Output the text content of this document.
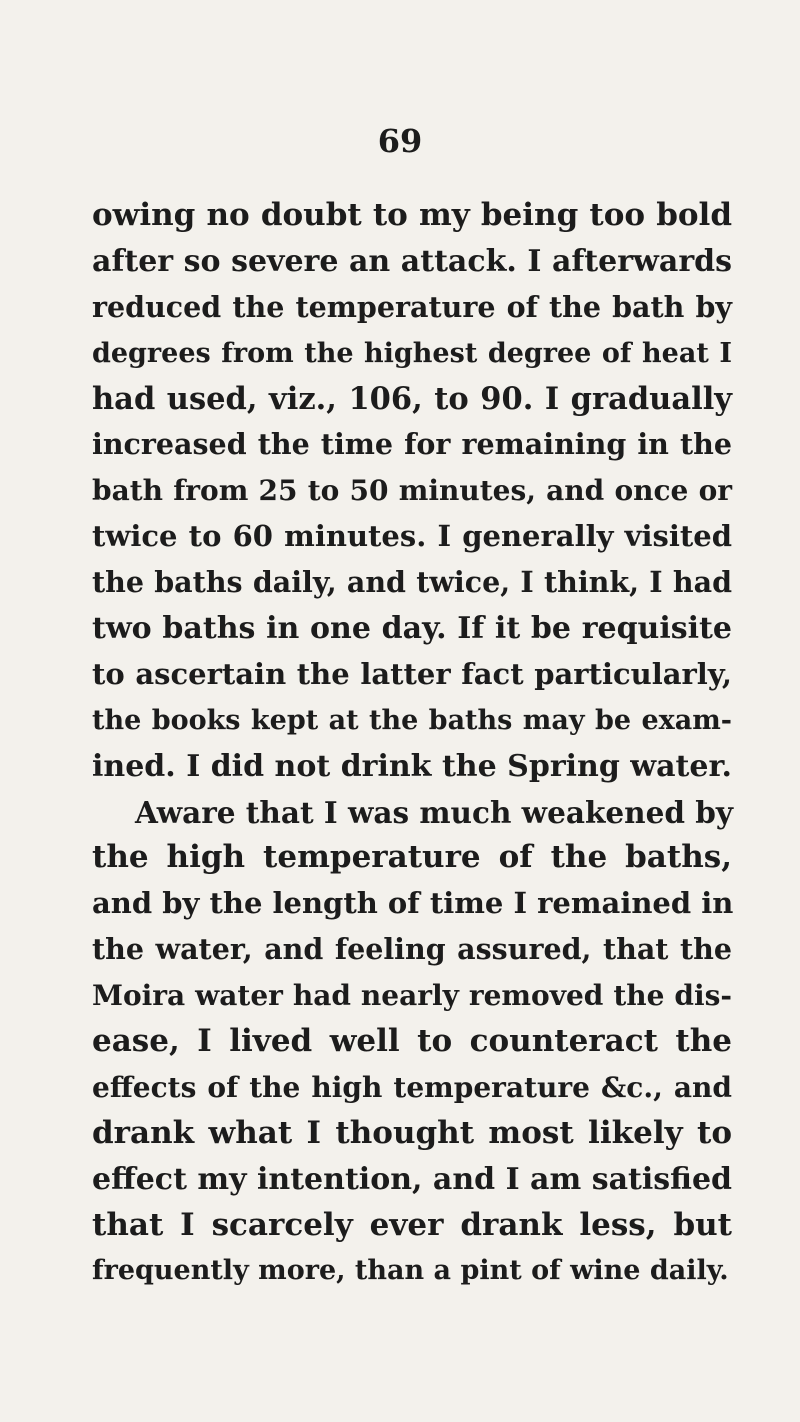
69
owing no doubt to my being too bold
after so severe an attack. I afterwards
reduced the temperature of the bath by
degrees from the highest degree of heat I
had used, viz., 106, to 90. I gradually
increased the time for remaining in the
bath from 25 to 50 minutes, and once or
twice to 60 minutes. I generally visited
the baths daily, and twice, I think, I had
two baths in one day. If it be requisite
to ascertain the latter fact particularly,
the books kept at the baths may be exam-
ined. I did not drink the Spring water.
Aware that I was much weakened by
the high temperature of the baths,
and by the length of time I remained in
the water, and feeling assured, that the
Moira water had nearly removed the dis-
ease, I lived well to counteract the
effects of the high temperature &c., and
drank what I thought most likely to
effect my intention, and I am satisfied
that I scarcely ever drank less, but
frequently more, than a pint of wine daily.
